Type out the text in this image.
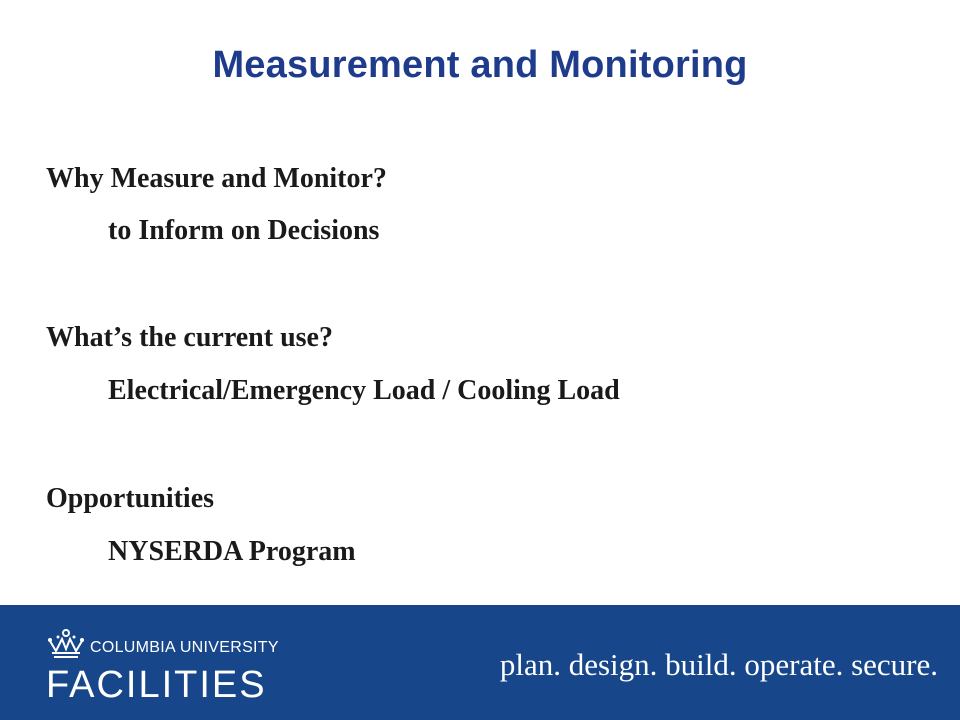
Measurement and Monitoring
Why Measure and Monitor?
to Inform on Decisions
What’s the current use?
Electrical/Emergency Load / Cooling Load
Opportunities
NYSERDA Program
COLUMBIA UNIVERSITY
FACILITIES	plan. design. build. operate. secure.
